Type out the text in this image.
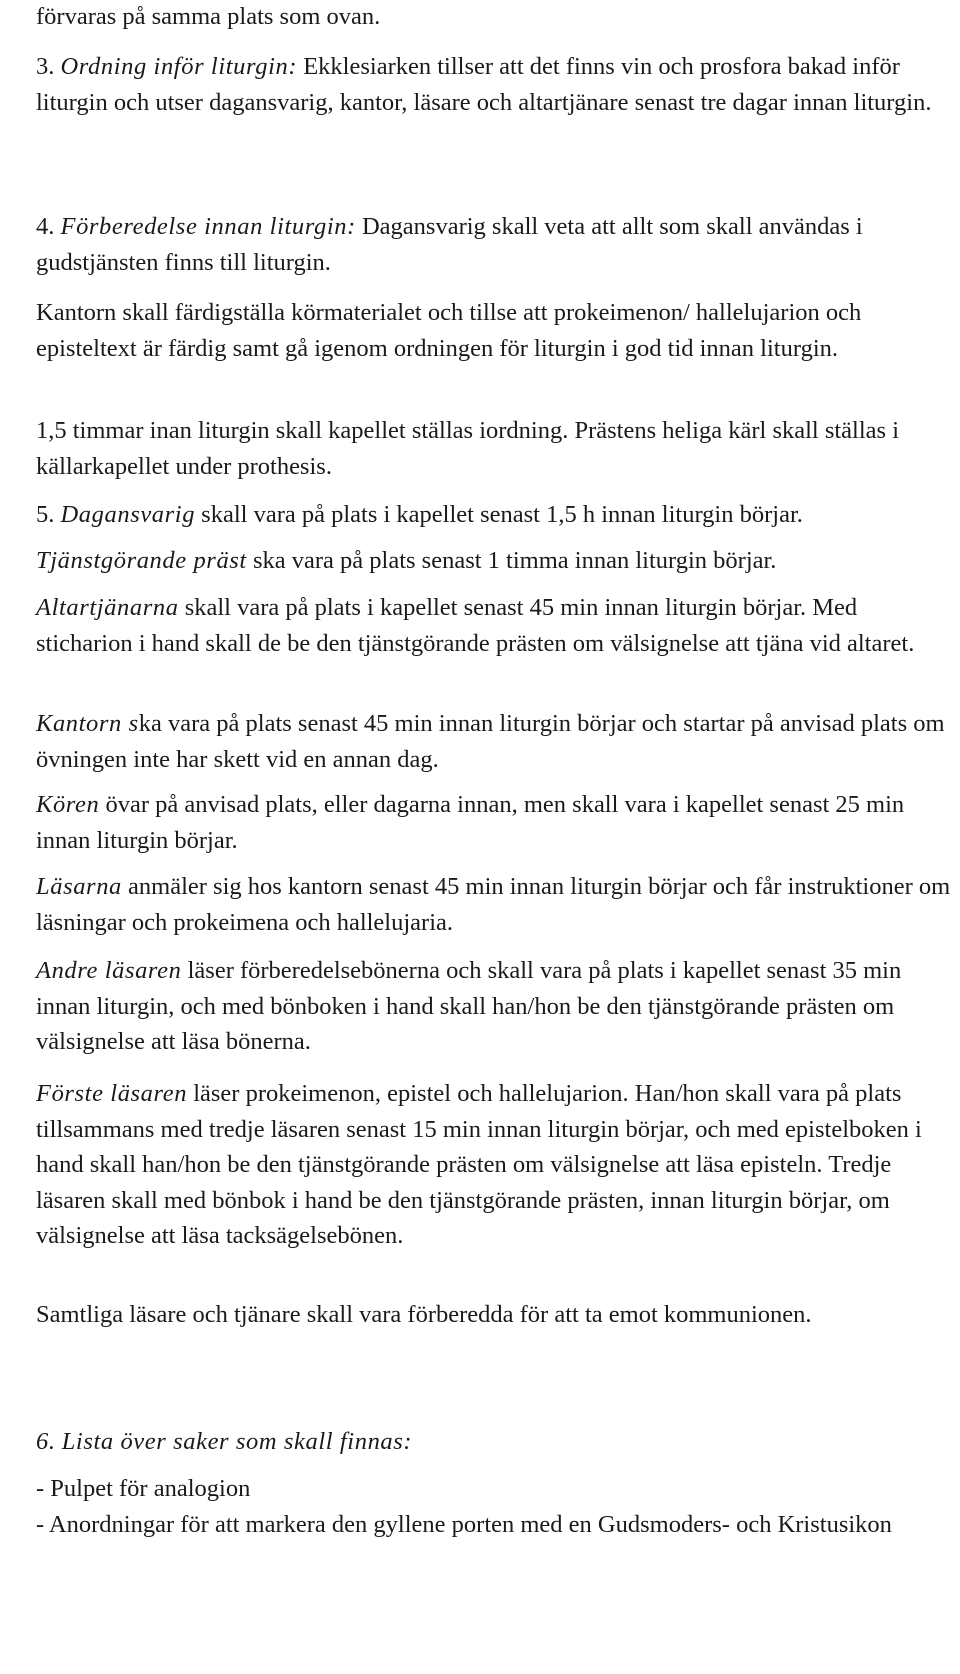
förvaras på samma plats som ovan.

3. Ordning inför liturgin: Ekklesiarken tillser att det finns vin och prosfora bakad inför liturgin och utser dagansvarig, kantor, läsare och altartjänare senast tre dagar innan liturgin.

4. Förberedelse innan liturgin: Dagansvarig skall veta att allt som skall användas i gudstjänsten finns till liturgin.

Kantorn skall färdigställa körmaterialet och tillse att prokeimenon/ hallelujarion och episteltext är färdig samt gå igenom ordningen för liturgin i god tid innan liturgin.

1,5 timmar inan liturgin skall kapellet ställas iordning. Prästens heliga kärl skall ställas i källarkapellet under prothesis.

5. Dagansvarig skall vara på plats i kapellet senast 1,5 h innan liturgin börjar.

Tjänstgörande präst ska vara på plats senast 1 timma innan liturgin börjar.

Altartjänarna skall vara på plats i kapellet senast 45 min innan liturgin börjar. Med sticharion i hand skall de be den tjänstgörande prästen om välsignelse att tjäna vid altaret.

Kantorn ska vara på plats senast 45 min innan liturgin börjar och startar på anvisad plats om övningen inte har skett vid en annan dag.

Kören övar på anvisad plats, eller dagarna innan, men skall vara i kapellet senast 25 min innan liturgin börjar.

Läsarna anmäler sig hos kantorn senast 45 min innan liturgin börjar och får instruktioner om läsningar och prokeimena och hallelujaria.

Andre läsaren läser förberedelsebönerna och skall vara på plats i kapellet senast 35 min innan liturgin, och med bönboken i hand skall han/hon be den tjänstgörande prästen om välsignelse att läsa bönerna.

Förste läsaren läser prokeimenon, epistel och hallelujarion. Han/hon skall vara på plats tillsammans med tredje läsaren senast 15 min innan liturgin börjar, och med epistelboken i hand skall han/hon be den tjänstgörande prästen om välsignelse att läsa episteln. Tredje läsaren skall med bönbok i hand be den tjänstgörande prästen, innan liturgin börjar, om välsignelse att läsa tacksägelsebönen.

Samtliga läsare och tjänare skall vara förberedda för att ta emot kommunionen.

6. Lista över saker som skall finnas:

- Pulpet för analogion
- Anordningar för att markera den gyllene porten med en Gudsmoders- och Kristusikon
